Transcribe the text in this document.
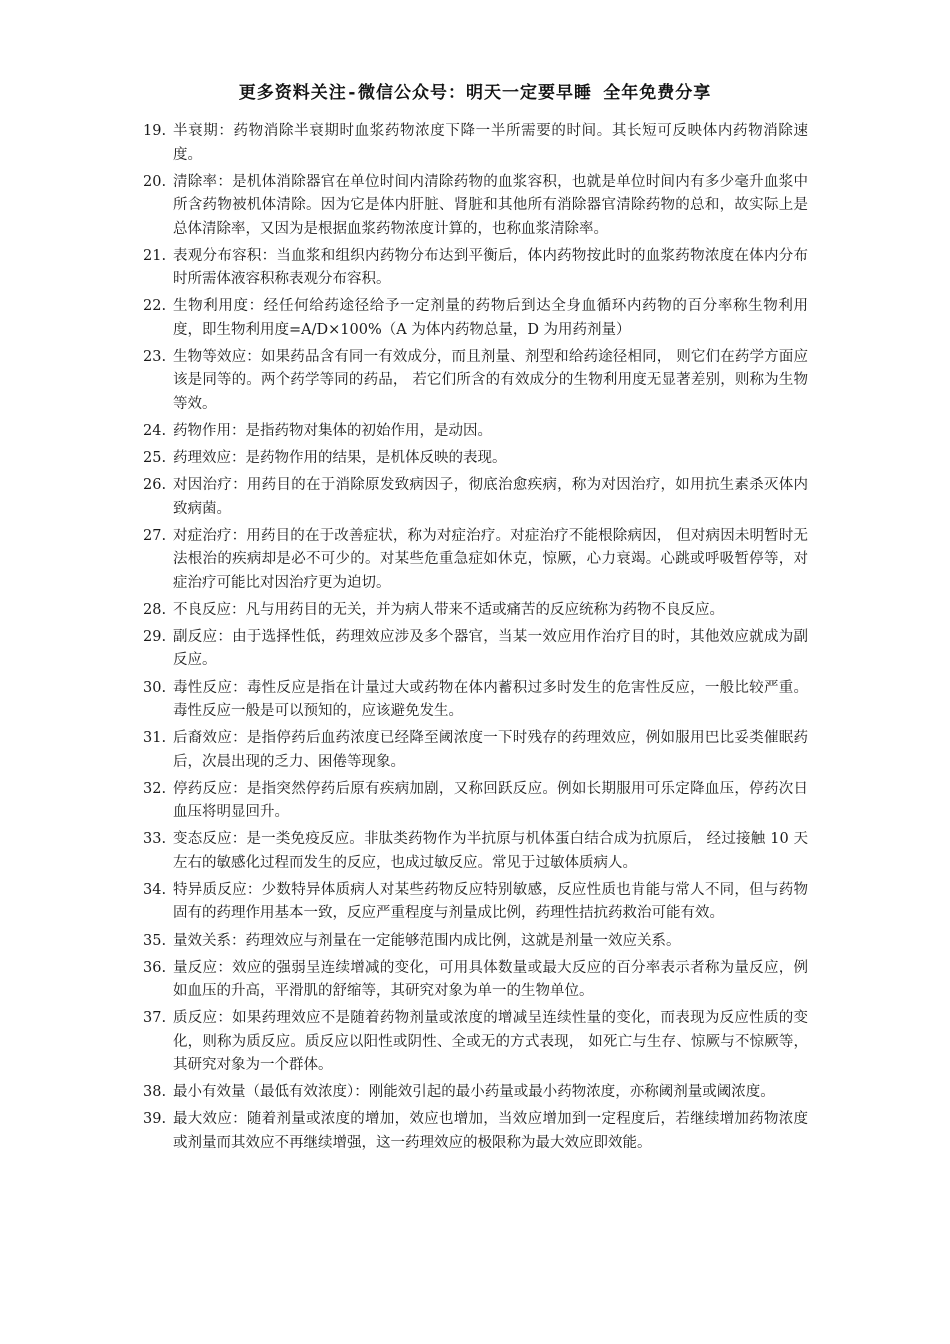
更多资料关注-微信公众号：明天一定要早睡 全年免费分享
19. 半衰期：药物消除半衰期时血浆药物浓度下降一半所需要的时间。其长短可反映体内药物消除速度。
20. 清除率：是机体消除器官在单位时间内清除药物的血浆容积，也就是单位时间内有多少毫升血浆中所含药物被机体清除。因为它是体内肝脏、肾脏和其他所有消除器官清除药物的总和，故实际上是总体清除率，又因为是根据血浆药物浓度计算的，也称血浆清除率。
21. 表观分布容积：当血浆和组织内药物分布达到平衡后，体内药物按此时的血浆药物浓度在体内分布时所需体液容积称表观分布容积。
22. 生物利用度：经任何给药途径给予一定剂量的药物后到达全身血循环内药物的百分率称生物利用度，即生物利用度=A/D×100%（A 为体内药物总量，D 为用药剂量）
23. 生物等效应：如果药品含有同一有效成分，而且剂量、剂型和给药途径相同， 则它们在药学方面应该是同等的。两个药学等同的药品， 若它们所含的有效成分的生物利用度无显著差别，则称为生物等效。
24. 药物作用：是指药物对集体的初始作用，是动因。
25. 药理效应：是药物作用的结果，是机体反映的表现。
26. 对因治疗：用药目的在于消除原发致病因子，彻底治愈疾病，称为对因治疗，如用抗生素杀灭体内致病菌。
27. 对症治疗：用药目的在于改善症状，称为对症治疗。对症治疗不能根除病因， 但对病因未明暂时无法根治的疾病却是必不可少的。对某些危重急症如休克，惊厥，心力衰竭。心跳或呼吸暂停等，对症治疗可能比对因治疗更为迫切。
28. 不良反应：凡与用药目的无关，并为病人带来不适或痛苦的反应统称为药物不良反应。
29. 副反应：由于选择性低，药理效应涉及多个器官，当某一效应用作治疗目的时，其他效应就成为副反应。
30. 毒性反应：毒性反应是指在计量过大或药物在体内蓄积过多时发生的危害性反应，一般比较严重。毒性反应一般是可以预知的，应该避免发生。
31. 后裔效应：是指停药后血药浓度已经降至阈浓度一下时残存的药理效应，例如服用巴比妥类催眠药后，次晨出现的乏力、困倦等现象。
32. 停药反应：是指突然停药后原有疾病加剧，又称回跃反应。例如长期服用可乐定降血压，停药次日血压将明显回升。
33. 变态反应：是一类免疫反应。非肽类药物作为半抗原与机体蛋白结合成为抗原后， 经过接触 10 天左右的敏感化过程而发生的反应，也成过敏反应。常见于过敏体质病人。
34. 特异质反应：少数特异体质病人对某些药物反应特别敏感，反应性质也肯能与常人不同，但与药物固有的药理作用基本一致，反应严重程度与剂量成比例，药理性拮抗药救治可能有效。
35. 量效关系：药理效应与剂量在一定能够范围内成比例，这就是剂量一效应关系。
36. 量反应：效应的强弱呈连续增减的变化，可用具体数量或最大反应的百分率表示者称为量反应，例如血压的升高，平滑肌的舒缩等，其研究对象为单一的生物单位。
37. 质反应：如果药理效应不是随着药物剂量或浓度的增减呈连续性量的变化，而表现为反应性质的变化，则称为质反应。质反应以阳性或阴性、全或无的方式表现， 如死亡与生存、惊厥与不惊厥等，其研究对象为一个群体。
38. 最小有效量（最低有效浓度）：刚能效引起的最小药量或最小药物浓度，亦称阈剂量或阈浓度。
39. 最大效应：随着剂量或浓度的增加，效应也增加，当效应增加到一定程度后，若继续增加药物浓度或剂量而其效应不再继续增强，这一药理效应的极限称为最大效应即效能。
